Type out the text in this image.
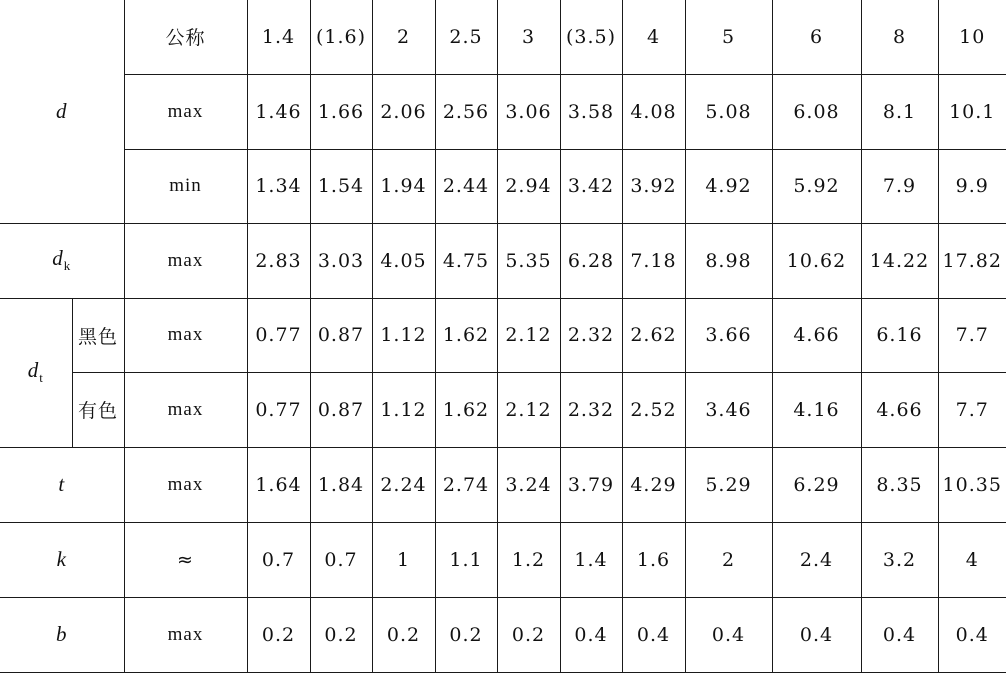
d		公称	1.4	(1.6)	2	2.5	3	(3.5)	4	5	6	8	10
		max	1.46	1.66	2.06	2.56	3.06	3.58	4.08	5.08	6.08	8.1	10.1
		min	1.34	1.54	1.94	2.44	2.94	3.42	3.92	4.92	5.92	7.9	9.9
$d_k$		max	2.83	3.03	4.05	4.75	5.35	6.28	7.18	8.98	10.62	14.22	17.82
$d_t$	黑色	max	0.77	0.87	1.12	1.62	2.12	2.32	2.62	3.66	4.66	6.16	7.7
	有色	max	0.77	0.87	1.12	1.62	2.12	2.32	2.52	3.46	4.16	4.66	7.7
t		max	1.64	1.84	2.24	2.74	3.24	3.79	4.29	5.29	6.29	8.35	10.35
k		≈	0.7	0.7	1	1.1	1.2	1.4	1.6	2	2.4	3.2	4
b		max	0.2	0.2	0.2	0.2	0.2	0.4	0.4	0.4	0.4	0.4	0.4
